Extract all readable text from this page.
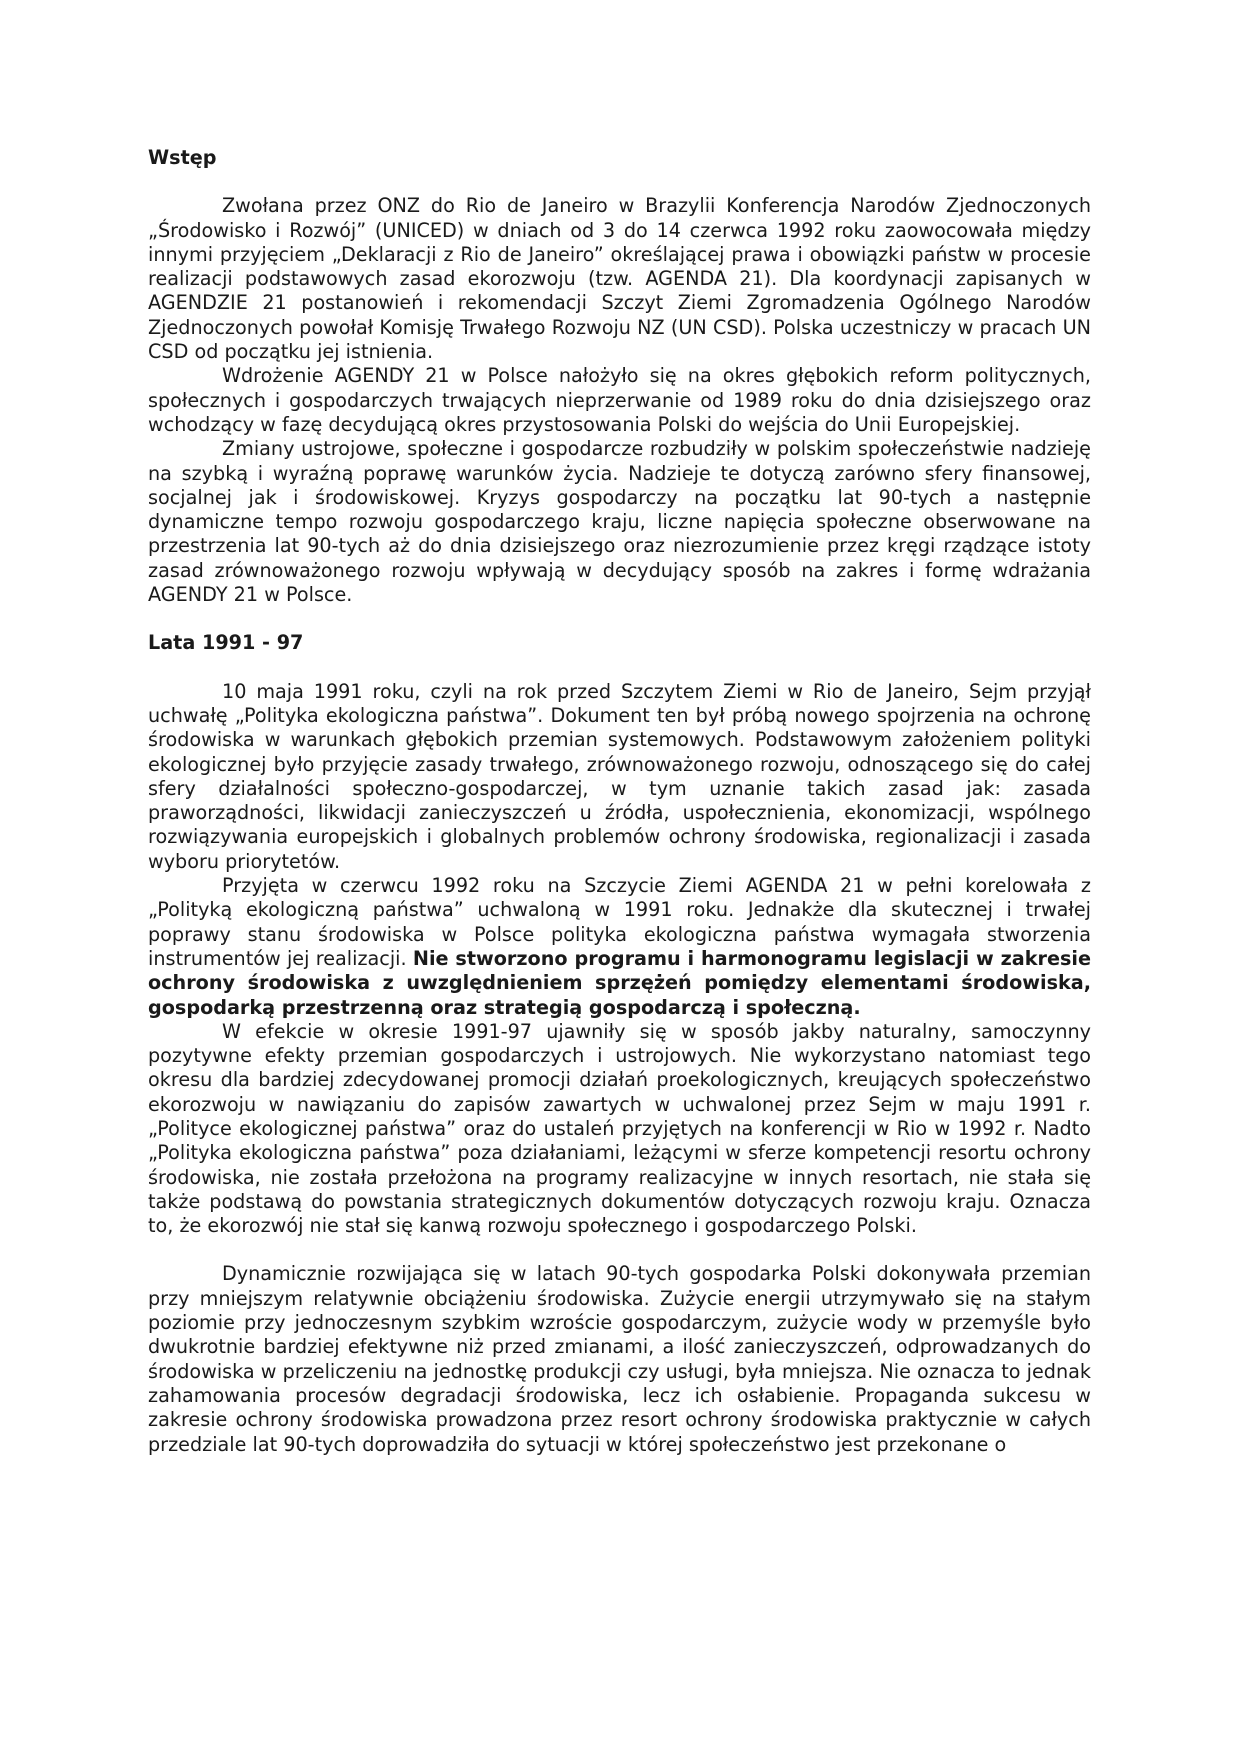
Wstęp

Zwołana przez ONZ do Rio de Janeiro w Brazylii Konferencja Narodów Zjednoczonych „Środowisko i Rozwój” (UNICED) w dniach od 3 do 14 czerwca 1992 roku zaowocowała między innymi przyjęciem „Deklaracji z Rio de Janeiro” określającej prawa i obowiązki państw w procesie realizacji podstawowych zasad ekorozwoju (tzw. AGENDA 21). Dla koordynacji zapisanych w AGENDZIE 21 postanowień i rekomendacji Szczyt Ziemi Zgromadzenia Ogólnego Narodów Zjednoczonych powołał Komisję Trwałego Rozwoju NZ (UN CSD). Polska uczestniczy w pracach UN CSD od początku jej istnienia.

Wdrożenie AGENDY 21 w Polsce nałożyło się na okres głębokich reform politycznych, społecznych i gospodarczych trwających nieprzerwanie od 1989 roku do dnia dzisiejszego oraz wchodzący w fazę decydującą okres przystosowania Polski do wejścia do Unii Europejskiej.

Zmiany ustrojowe, społeczne i gospodarcze rozbudziły w polskim społeczeństwie nadzieję na szybką i wyraźną poprawę warunków życia. Nadzieje te dotyczą zarówno sfery finansowej, socjalnej jak i środowiskowej. Kryzys gospodarczy na początku lat 90-tych a następnie dynamiczne tempo rozwoju gospodarczego kraju, liczne napięcia społeczne obserwowane na przestrzenia lat 90-tych aż do dnia dzisiejszego oraz niezrozumienie przez kręgi rządzące istoty zasad zrównoważonego rozwoju wpływają w decydujący sposób na zakres i formę wdrażania AGENDY 21 w Polsce.

Lata 1991 - 97

10 maja 1991 roku, czyli na rok przed Szczytem Ziemi w Rio de Janeiro, Sejm przyjął uchwałę „Polityka ekologiczna państwa”. Dokument ten był próbą nowego spojrzenia na ochronę środowiska w warunkach głębokich przemian systemowych. Podstawowym założeniem polityki ekologicznej było przyjęcie zasady trwałego, zrównoważonego rozwoju, odnoszącego się do całej sfery działalności społeczno-gospodarczej, w tym uznanie takich zasad jak: zasada praworządności, likwidacji zanieczyszczeń u źródła, uspołecznienia, ekonomizacji, wspólnego rozwiązywania europejskich i globalnych problemów ochrony środowiska, regionalizacji i zasada wyboru priorytetów.

Przyjęta w czerwcu 1992 roku na Szczycie Ziemi AGENDA 21 w pełni korelowała z „Polityką ekologiczną państwa” uchwaloną w 1991 roku. Jednakże dla skutecznej i trwałej poprawy stanu środowiska w Polsce polityka ekologiczna państwa wymagała stworzenia instrumentów jej realizacji. Nie stworzono programu i harmonogramu legislacji w zakresie ochrony środowiska z uwzględnieniem sprzężeń pomiędzy elementami środowiska, gospodarką przestrzenną oraz strategią gospodarczą i społeczną.

W efekcie w okresie 1991-97 ujawniły się w sposób jakby naturalny, samoczynny pozytywne efekty przemian gospodarczych i ustrojowych. Nie wykorzystano natomiast tego okresu dla bardziej zdecydowanej promocji działań proekologicznych, kreujących społeczeństwo ekorozwoju w nawiązaniu do zapisów zawartych w uchwalonej przez Sejm w maju 1991 r. „Polityce ekologicznej państwa” oraz do ustaleń przyjętych na konferencji w Rio w 1992 r. Nadto „Polityka ekologiczna państwa” poza działaniami, leżącymi w sferze kompetencji resortu ochrony środowiska, nie została przełożona na programy realizacyjne w innych resortach, nie stała się także podstawą do powstania strategicznych dokumentów dotyczących rozwoju kraju. Oznacza to, że ekorozwój nie stał się kanwą rozwoju społecznego i gospodarczego Polski.

Dynamicznie rozwijająca się w latach 90-tych gospodarka Polski dokonywała przemian przy mniejszym relatywnie obciążeniu środowiska. Zużycie energii utrzymywało się na stałym poziomie przy jednoczesnym szybkim wzroście gospodarczym, zużycie wody w przemyśle było dwukrotnie bardziej efektywne niż przed zmianami, a ilość zanieczyszczeń, odprowadzanych do środowiska w przeliczeniu na jednostkę produkcji czy usługi, była mniejsza. Nie oznacza to jednak zahamowania procesów degradacji środowiska, lecz ich osłabienie. Propaganda sukcesu w zakresie ochrony środowiska prowadzona przez resort ochrony środowiska praktycznie w całych przedziale lat 90-tych doprowadziła do sytuacji w której społeczeństwo jest przekonane o
